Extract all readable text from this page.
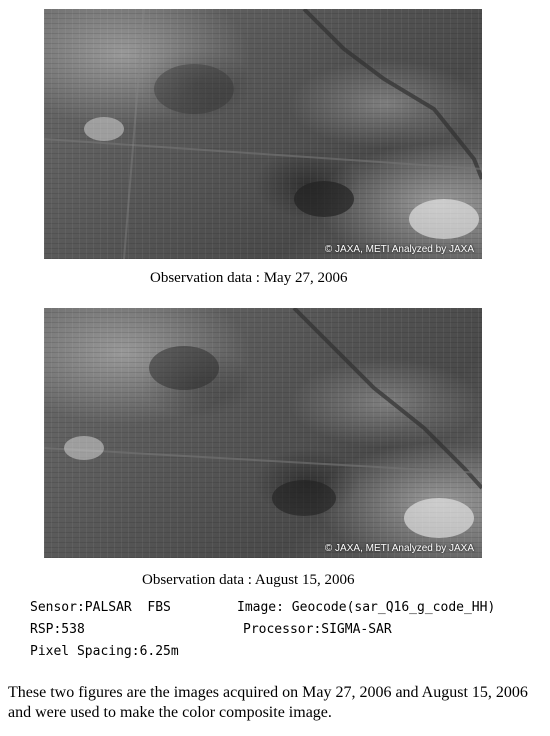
© JAXA, METI Analyzed by JAXA
Observation data : May 27, 2006
© JAXA, METI Analyzed by JAXA
Observation data : August 15, 2006
Sensor:PALSAR  FBS	Image: Geocode(sar_Q16_g_code_HH)
RSP:538	Processor:SIGMA-SAR
Pixel Spacing:6.25m
These two figures are the images acquired on May 27, 2006 and August 15, 2006 and were used to make the color composite image.
